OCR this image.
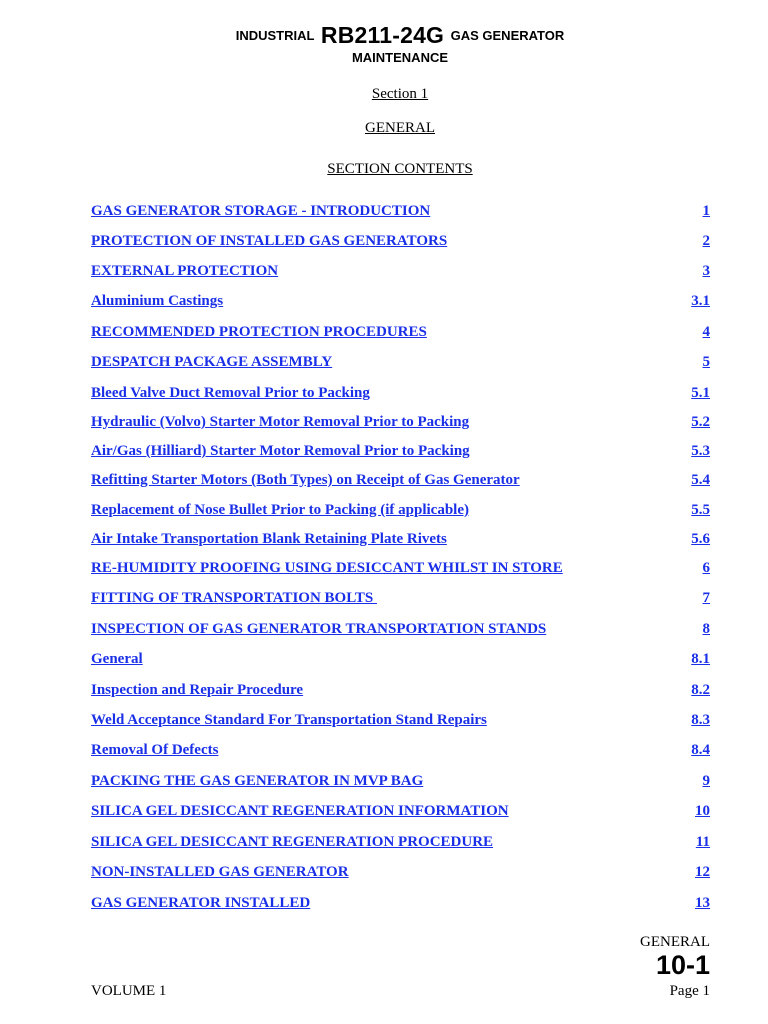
INDUSTRIAL RB211-24G GAS GENERATOR
MAINTENANCE
Section 1
GENERAL
SECTION CONTENTS
GAS GENERATOR STORAGE - INTRODUCTION	1
PROTECTION OF INSTALLED GAS GENERATORS	2
EXTERNAL PROTECTION	3
Aluminium Castings	3.1
RECOMMENDED PROTECTION PROCEDURES	4
DESPATCH PACKAGE ASSEMBLY	5
Bleed Valve Duct Removal Prior to Packing	5.1
Hydraulic (Volvo) Starter Motor Removal Prior to Packing	5.2
Air/Gas (Hilliard) Starter Motor Removal Prior to Packing	5.3
Refitting Starter Motors (Both Types) on Receipt of Gas Generator	5.4
Replacement of Nose Bullet Prior to Packing (if applicable)	5.5
Air Intake Transportation Blank Retaining Plate Rivets	5.6
RE-HUMIDITY PROOFING USING DESICCANT WHILST IN STORE	6
FITTING OF TRANSPORTATION BOLTS	7
INSPECTION OF GAS GENERATOR TRANSPORTATION STANDS	8
General	8.1
Inspection and Repair Procedure	8.2
Weld Acceptance Standard For Transportation Stand Repairs	8.3
Removal Of Defects	8.4
PACKING THE GAS GENERATOR IN MVP BAG	9
SILICA GEL DESICCANT REGENERATION INFORMATION	10
SILICA GEL DESICCANT REGENERATION PROCEDURE	11
NON-INSTALLED GAS GENERATOR	12
GAS GENERATOR INSTALLED	13
GENERAL
10-1
VOLUME 1	Page 1
